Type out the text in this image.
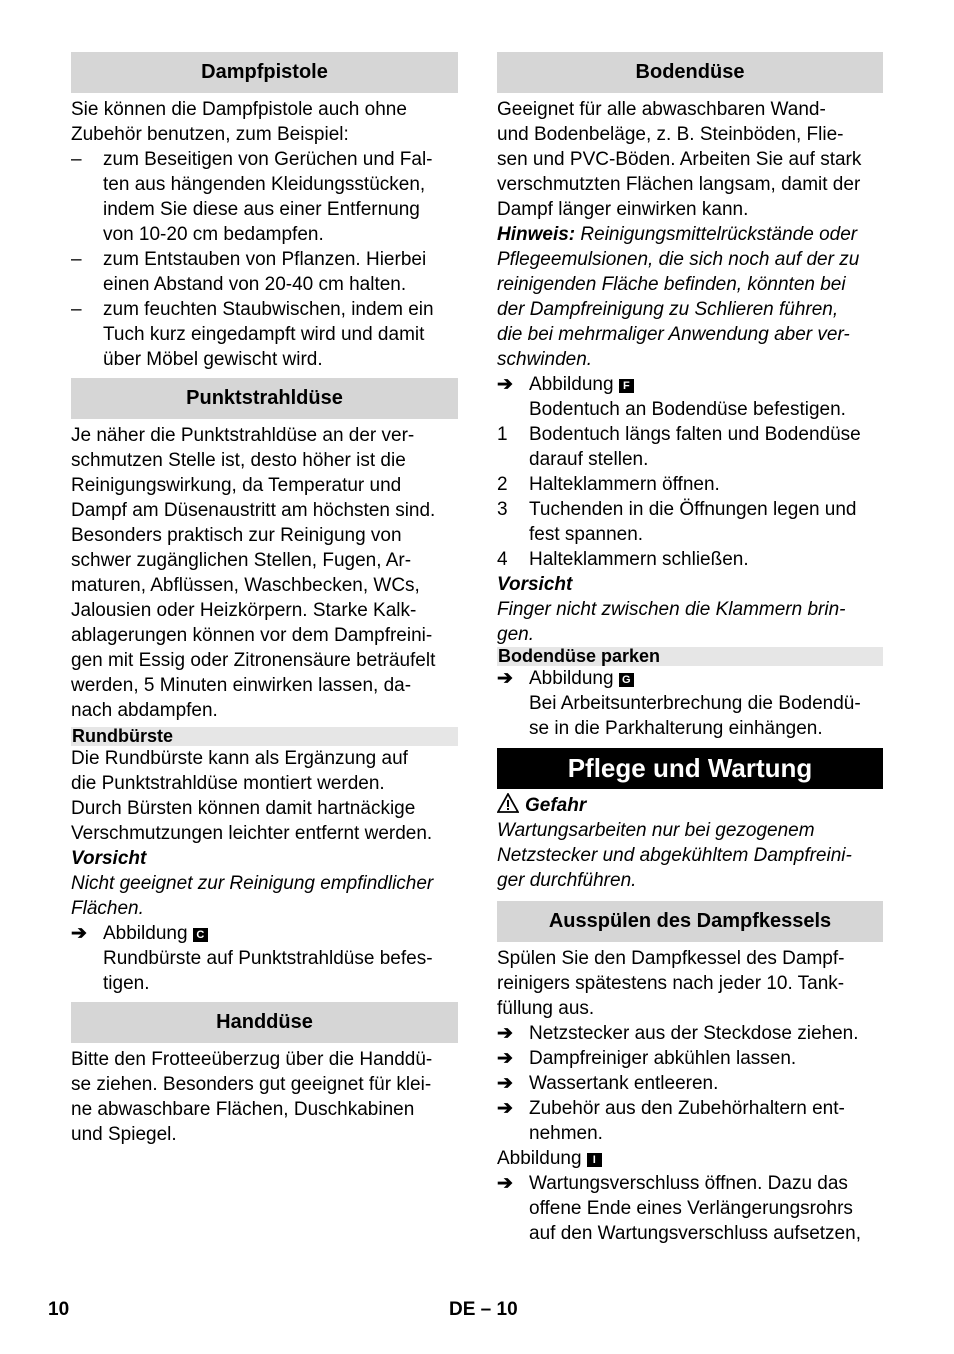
Dampfpistole

Sie können die Dampfpistole auch ohne

Zubehör benutzen, zum Beispiel:

–	zum Beseitigen von Gerüchen und Fal-
ten aus hängenden Kleidungsstücken,
indem Sie diese aus einer Entfernung
von 10-20 cm bedampfen.
–	zum Entstauben von Pflanzen. Hierbei
einen Abstand von 20-40 cm halten.
–	zum feuchten Staubwischen, indem ein
Tuch kurz eingedampft wird und damit
über Möbel gewischt wird.
Punktstrahldüse

Je näher die Punktstrahldüse an der ver-

schmutzen Stelle ist, desto höher ist die

Reinigungswirkung, da Temperatur und

Dampf am Düsenaustritt am höchsten sind.

Besonders praktisch zur Reinigung von

schwer zugänglichen Stellen, Fugen, Ar-

maturen, Abflüssen, Waschbecken, WCs,

Jalousien oder Heizkörpern. Starke Kalk-

ablagerungen können vor dem Dampfreini-

gen mit Essig oder Zitronensäure beträufelt

werden, 5 Minuten einwirken lassen, da-

nach abdampfen.

Rundbürste

Die Rundbürste kann als Ergänzung auf

die Punktstrahldüse montiert werden.

Durch Bürsten können damit hartnäckige

Verschmutzungen leichter entfernt werden.

Vorsicht

Nicht geeignet zur Reinigung empfindlicher

Flächen.

➔ Abbildung C
Rundbürste auf Punktstrahldüse befes-
tigen.
Handdüse

Bitte den Frotteeüberzug über die Handdü-

se ziehen. Besonders gut geeignet für klei-

ne abwaschbare Flächen, Duschkabinen

und Spiegel.

Bodendüse

Geeignet für alle abwaschbaren Wand-

und Bodenbeläge, z. B. Steinböden, Flie-

sen und PVC-Böden. Arbeiten Sie auf stark

verschmutzten Flächen langsam, damit der

Dampf länger einwirken kann.

Hinweis: Reinigungsmittelrückstände oder

Pflegeemulsionen, die sich noch auf der zu

reinigenden Fläche befinden, könnten bei

der Dampfreinigung zu Schlieren führen,

die bei mehrmaliger Anwendung aber ver-

schwinden.

➔ Abbildung F
Bodentuch an Bodendüse befestigen.
1	Bodentuch längs falten und Bodendüse
darauf stellen.
2	Halteklammern öffnen.
3	Tuchenden in die Öffnungen legen und
fest spannen.
4	Halteklammern schließen.

Vorsicht

Finger nicht zwischen die Klammern brin-

gen.

Bodendüse parken
➔ Abbildung G
Bei Arbeitsunterbrechung die Bodendü-
se in die Parkhalterung einhängen.
Pflege und Wartung

Gefahr

Wartungsarbeiten nur bei gezogenem

Netzstecker und abgekühltem Dampfreini-

ger durchführen.

Ausspülen des Dampfkessels

Spülen Sie den Dampfkessel des Dampf-

reinigers spätestens nach jeder 10. Tank-

füllung aus.

➔ Netzstecker aus der Steckdose ziehen.
➔ Dampfreiniger abkühlen lassen.
➔ Wassertank entleeren.
➔ Zubehör aus den Zubehörhaltern ent-
nehmen.

Abbildung I

➔ Wartungsverschluss öffnen. Dazu das
offene Ende eines Verlängerungsrohrs
auf den Wartungsverschluss aufsetzen,
10	DE – 10
